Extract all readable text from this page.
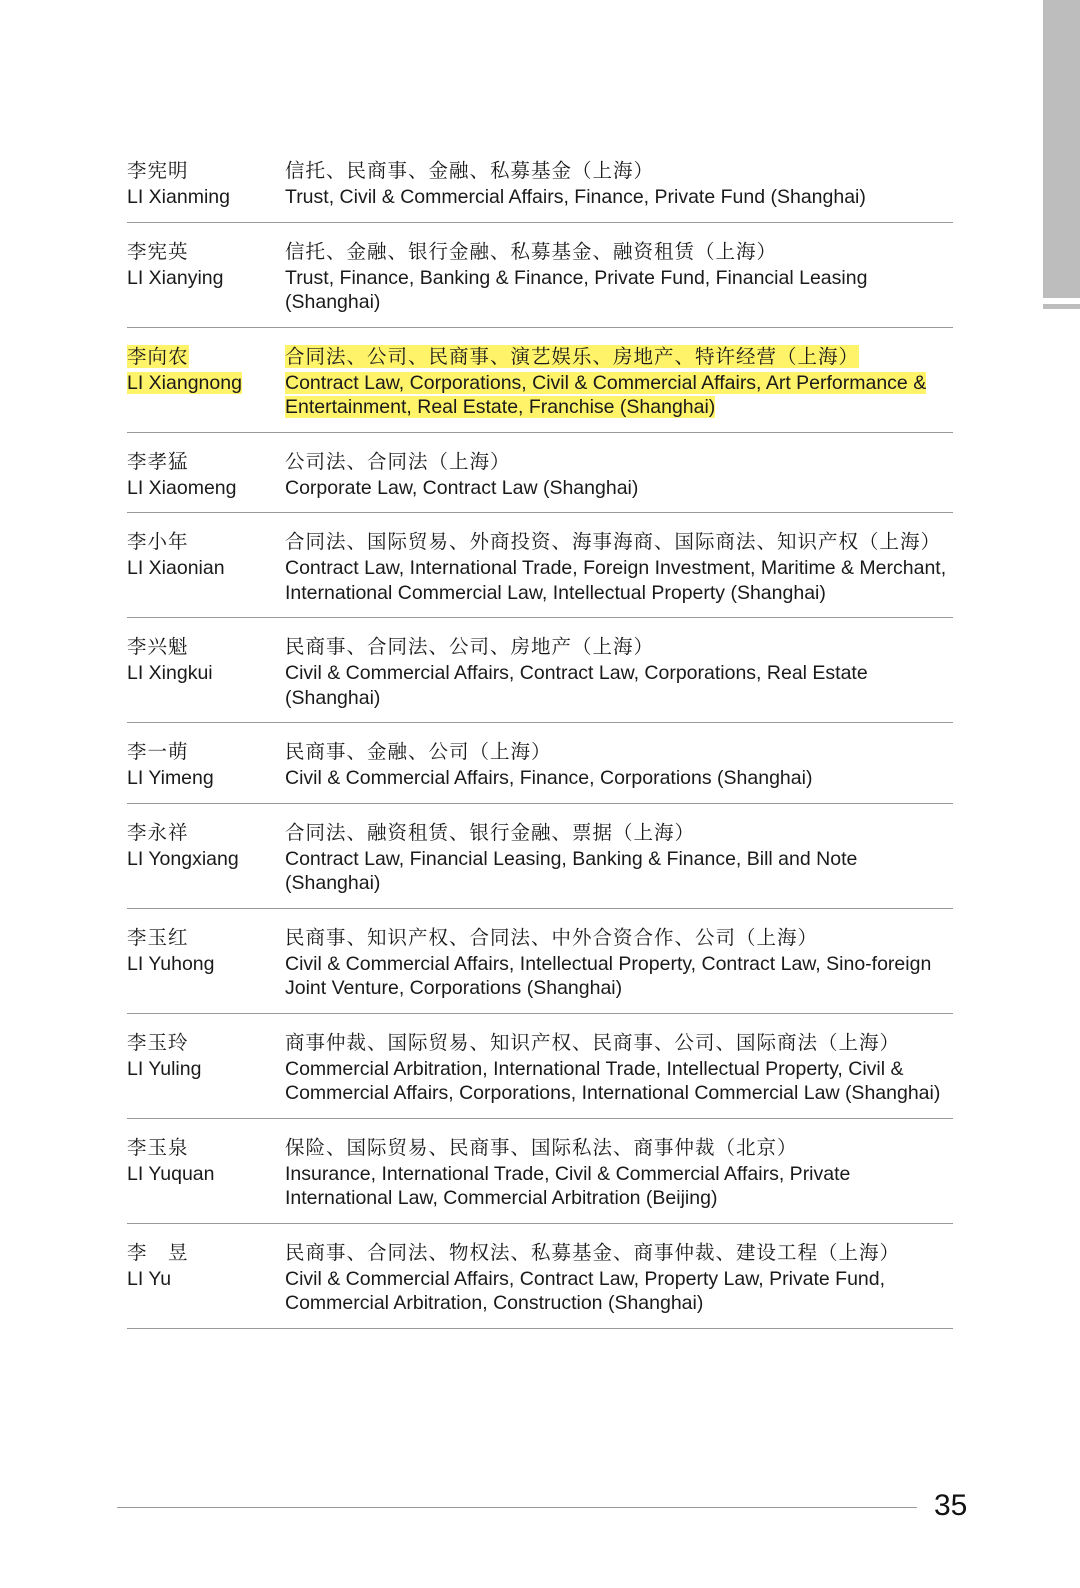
李宪明
LI Xianming
信托、民商事、金融、私募基金（上海）
Trust, Civil & Commercial Affairs, Finance, Private Fund (Shanghai)
李宪英
LI Xianying
信托、金融、银行金融、私募基金、融资租赁（上海）
Trust, Finance, Banking & Finance, Private Fund, Financial Leasing (Shanghai)
李向农
LI Xiangnong
合同法、公司、民商事、演艺娱乐、房地产、特许经营（上海）
Contract Law, Corporations, Civil & Commercial Affairs, Art Performance & Entertainment, Real Estate, Franchise (Shanghai)
李孝猛
LI Xiaomeng
公司法、合同法（上海）
Corporate Law, Contract Law (Shanghai)
李小年
LI Xiaonian
合同法、国际贸易、外商投资、海事海商、国际商法、知识产权（上海）
Contract Law, International Trade, Foreign Investment, Maritime & Merchant, International Commercial Law, Intellectual Property (Shanghai)
李兴魁
LI Xingkui
民商事、合同法、公司、房地产（上海）
Civil & Commercial Affairs, Contract Law, Corporations, Real Estate (Shanghai)
李一萌
LI Yimeng
民商事、金融、公司（上海）
Civil & Commercial Affairs, Finance, Corporations (Shanghai)
李永祥
LI Yongxiang
合同法、融资租赁、银行金融、票据（上海）
Contract Law, Financial Leasing, Banking & Finance, Bill and Note (Shanghai)
李玉红
LI Yuhong
民商事、知识产权、合同法、中外合资合作、公司（上海）
Civil & Commercial Affairs, Intellectual Property, Contract Law, Sino-foreign Joint Venture, Corporations (Shanghai)
李玉玲
LI Yuling
商事仲裁、国际贸易、知识产权、民商事、公司、国际商法（上海）
Commercial Arbitration, International Trade, Intellectual Property, Civil & Commercial Affairs, Corporations, International Commercial Law (Shanghai)
李玉泉
LI Yuquan
保险、国际贸易、民商事、国际私法、商事仲裁（北京）
Insurance, International Trade, Civil & Commercial Affairs, Private International Law, Commercial Arbitration (Beijing)
李　昱
LI Yu
民商事、合同法、物权法、私募基金、商事仲裁、建设工程（上海）
Civil & Commercial Affairs, Contract Law, Property Law, Private Fund, Commercial Arbitration, Construction (Shanghai)
35
